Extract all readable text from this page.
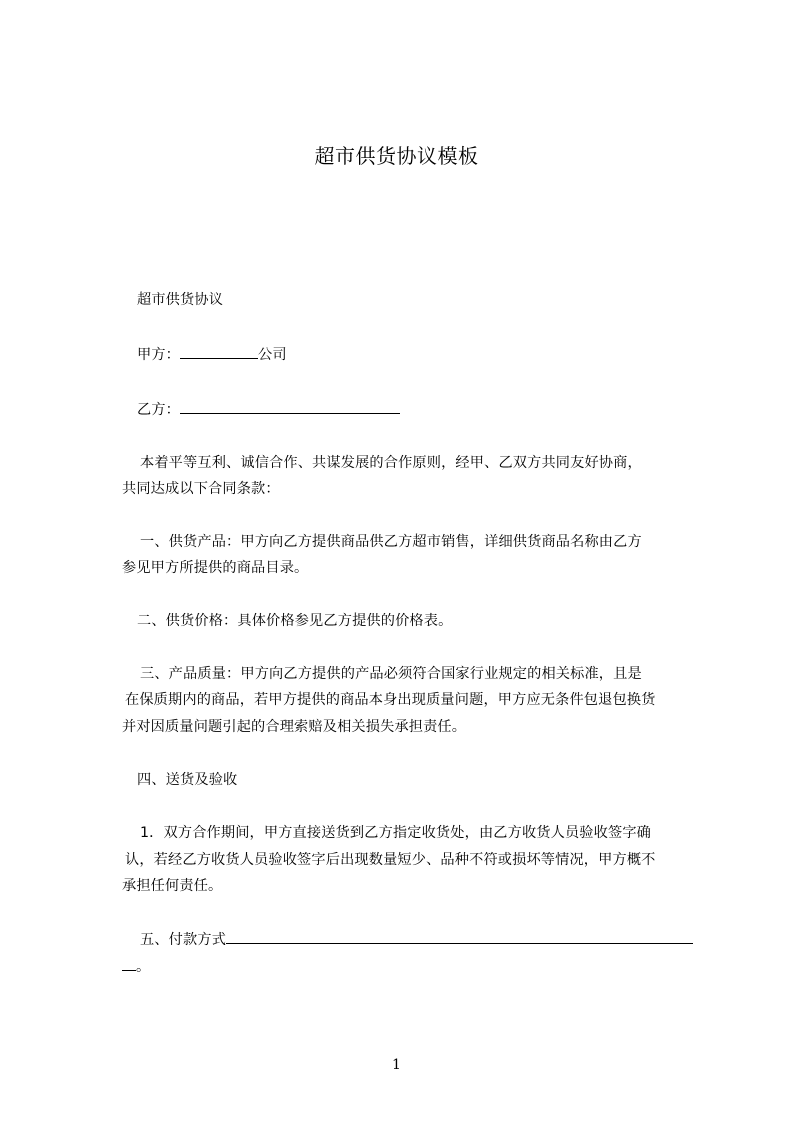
超市供货协议模板
超市供货协议
甲方：	公司
乙方：
本着平等互利、诚信合作、共谋发展的合作原则，经甲、乙双方共同友好协商，
共同达成以下合同条款：
一、供货产品：甲方向乙方提供商品供乙方超市销售，详细供货商品名称由乙方
参见甲方所提供的商品目录。
二、供货价格：具体价格参见乙方提供的价格表。
三、产品质量：甲方向乙方提供的产品必须符合国家行业规定的相关标准，且是
在保质期内的商品，若甲方提供的商品本身出现质量问题，甲方应无条件包退包换货
并对因质量问题引起的合理索赔及相关损失承担责任。
四、送货及验收
1．双方合作期间，甲方直接送货到乙方指定收货处，由乙方收货人员验收签字确
认，若经乙方收货人员验收签字后出现数量短少、品种不符或损坏等情况，甲方概不
承担任何责任。
五、付款方式
。
1
